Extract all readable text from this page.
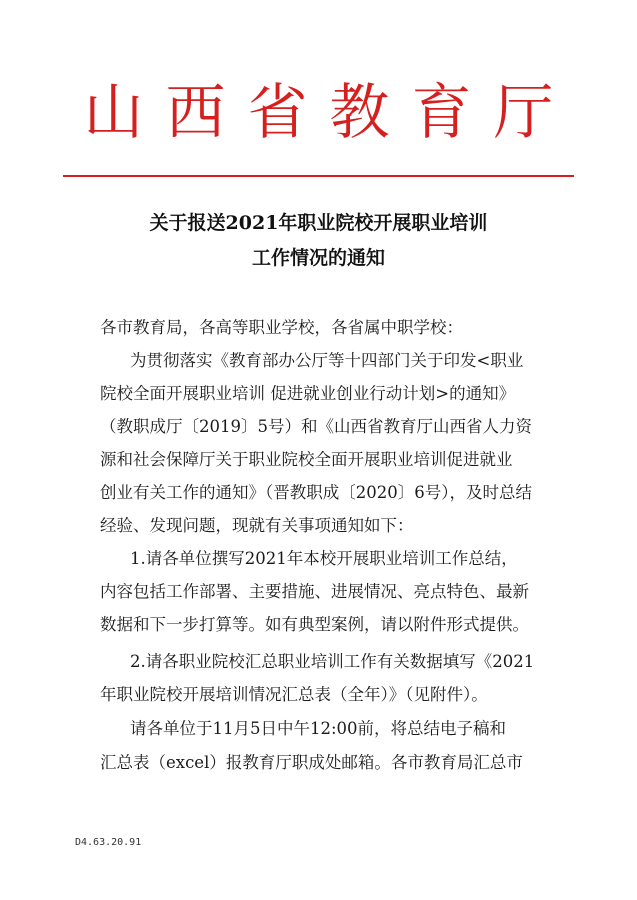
山西省教育厅
关于报送2021年职业院校开展职业培训
工作情况的通知
各市教育局，各高等职业学校，各省属中职学校：
为贯彻落实《教育部办公厅等十四部门关于印发<职业
院校全面开展职业培训 促进就业创业行动计划>的通知》
（教职成厅〔2019〕5号）和《山西省教育厅山西省人力资
源和社会保障厅关于职业院校全面开展职业培训促进就业
创业有关工作的通知》（晋教职成〔2020〕6号），及时总结
经验、发现问题，现就有关事项通知如下：
1.请各单位撰写2021年本校开展职业培训工作总结，
内容包括工作部署、主要措施、进展情况、亮点特色、最新
数据和下一步打算等。如有典型案例，请以附件形式提供。
2.请各职业院校汇总职业培训工作有关数据填写《2021
年职业院校开展培训情况汇总表（全年）》（见附件）。
请各单位于11月5日中午12:00前，将总结电子稿和
汇总表（excel）报教育厅职成处邮箱。各市教育局汇总市
D4.63.20.91
